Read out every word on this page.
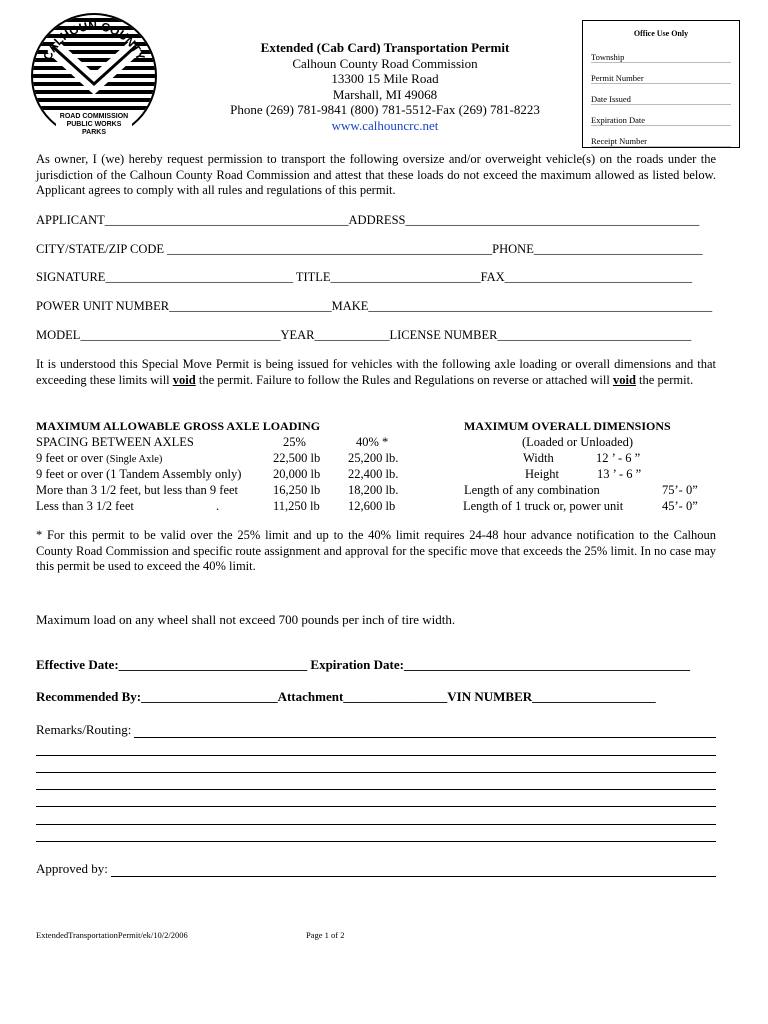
CALHOUN COUNTY
ROAD COMMISSION
PUBLIC WORKS
PARKS
Extended (Cab Card) Transportation Permit
Calhoun County Road Commission
13300 15 Mile Road
Marshall, MI 49068
Phone (269) 781-9841 (800) 781-5512-Fax (269) 781-8223
www.calhouncrc.net
Office Use Only
Township
Permit Number
Date Issued
Expiration Date
Receipt Number
As owner, I (we) hereby request permission to transport the following oversize and/or overweight vehicle(s) on the roads under the jurisdiction of the Calhoun County Road Commission and attest that these loads do not exceed the maximum allowed as listed below. Applicant agrees to comply with all rules and regulations of this permit.
APPLICANT_______________________________________ADDRESS_______________________________________________
CITY/STATE/ZIP CODE ____________________________________________________PHONE___________________________
SIGNATURE______________________________ TITLE________________________FAX______________________________
POWER UNIT NUMBER__________________________MAKE_______________________________________________________
MODEL________________________________YEAR____________LICENSE NUMBER_______________________________
It is understood this Special Move Permit is being issued for vehicles with the following axle loading or overall dimensions and that exceeding these limits will void the permit. Failure to follow the Rules and Regulations on reverse or attached will void the permit.
MAXIMUM ALLOWABLE GROSS AXLE LOADING
SPACING BETWEEN AXLES	25%	40% *
9 feet or over (Single Axle)	22,500 lb 25,200 lb.
9 feet or over (1 Tandem Assembly only)	20,000 lb 22,400 lb.
More than 3 1/2 feet, but less than 9 feet	16,250 lb 18,200 lb.
Less than 3 1/2 feet	.	11,250 lb 12,600 lb
MAXIMUM OVERALL DIMENSIONS
(Loaded or Unloaded)
Width	12 ’ - 6 ”
Height	13 ’ - 6 ”
Length of any combination	75’- 0”
Length of 1 truck or, power unit	45’- 0”
* For this permit to be valid over the 25% limit and up to the 40% limit requires 24-48 hour advance notification to the Calhoun County Road Commission and specific route assignment and approval for the specific move that exceeds the 25% limit. In no case may this permit be used to exceed the 40% limit.
Maximum load on any wheel shall not exceed 700 pounds per inch of tire width.
Effective Date:_____________________________ Expiration Date:____________________________________________
Recommended By:_____________________Attachment________________VIN NUMBER___________________
Remarks/Routing:
Approved by:
ExtendedTransportationPermit/ek/10/2/2006	Page 1 of 2
